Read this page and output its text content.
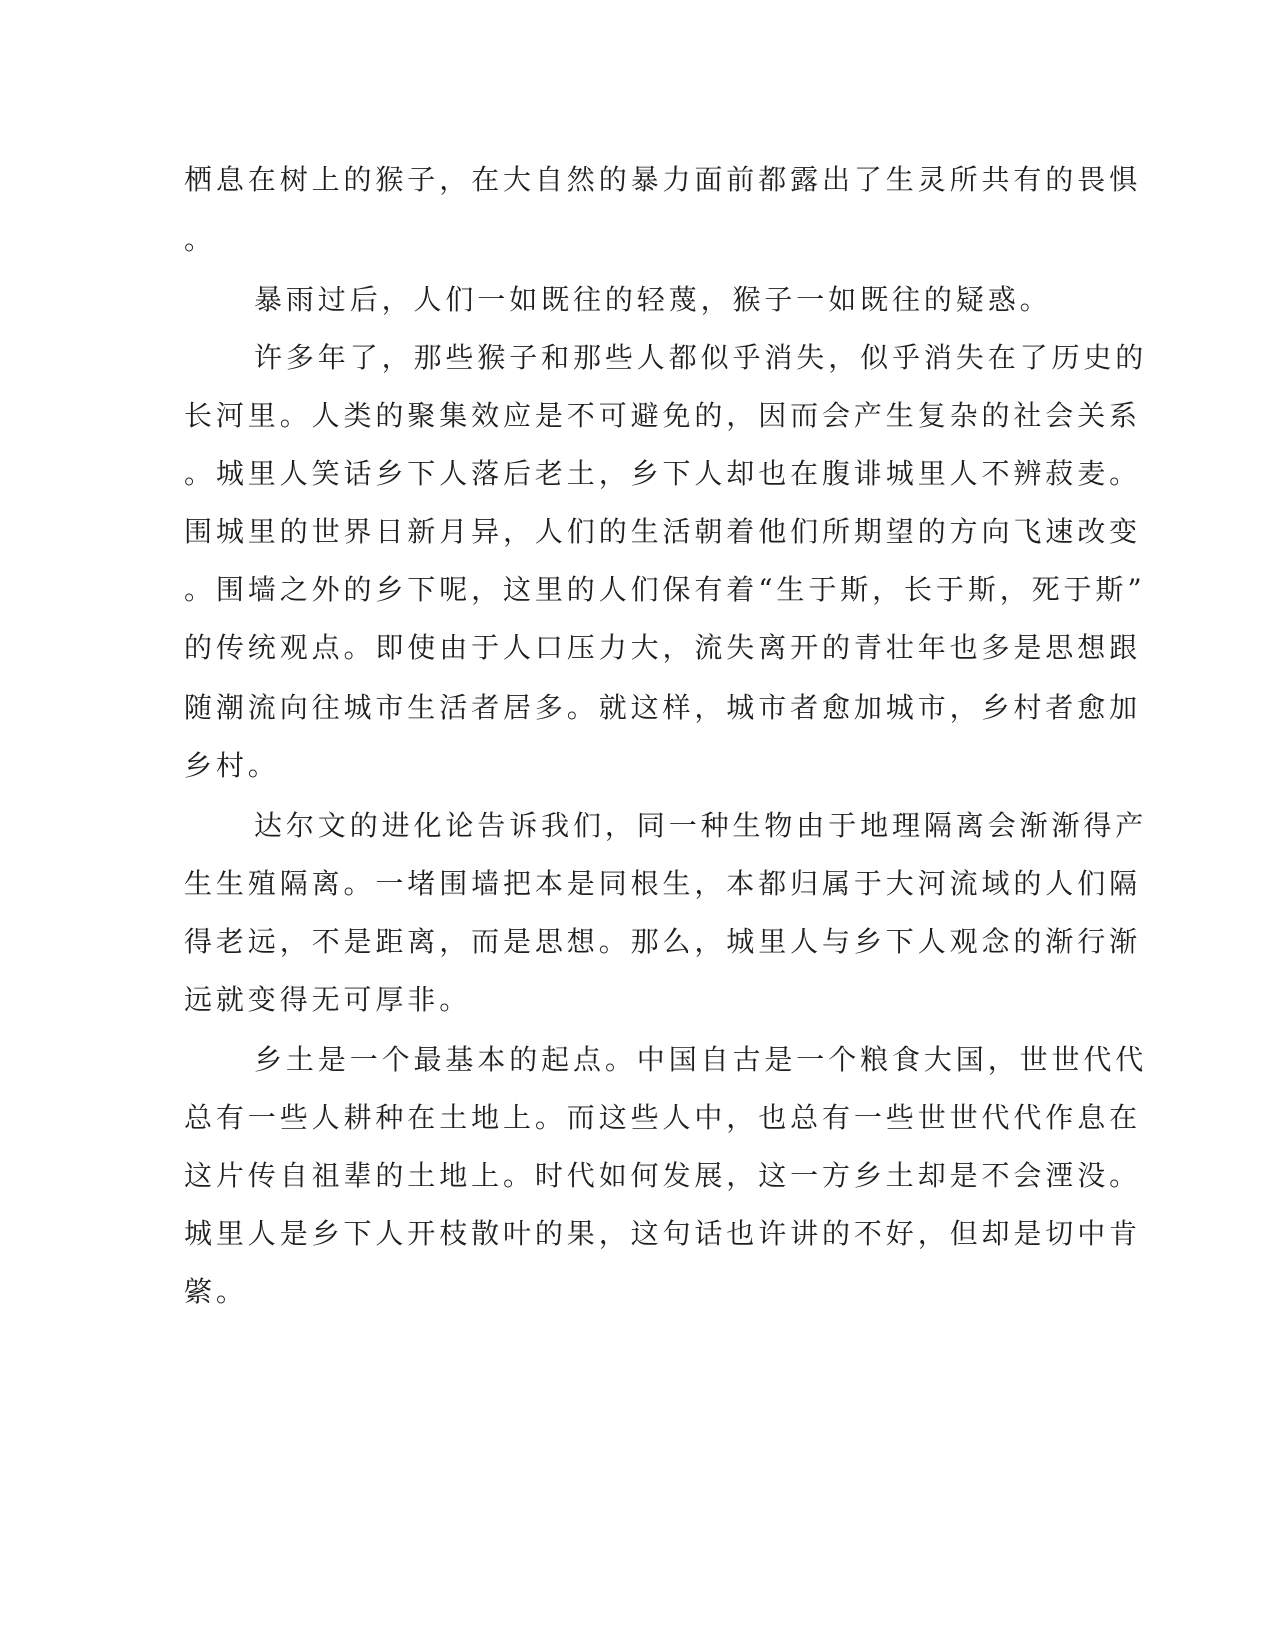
栖息在树上的猴子，在大自然的暴力面前都露出了生灵所共有的畏惧

。

暴雨过后，人们一如既往的轻蔑，猴子一如既往的疑惑。

许多年了，那些猴子和那些人都似乎消失，似乎消失在了历史的

长河里。人类的聚集效应是不可避免的，因而会产生复杂的社会关系

。城里人笑话乡下人落后老土，乡下人却也在腹诽城里人不辨菽麦。

围城里的世界日新月异，人们的生活朝着他们所期望的方向飞速改变

。围墙之外的乡下呢，这里的人们保有着“生于斯，长于斯，死于斯”

的传统观点。即使由于人口压力大，流失离开的青壮年也多是思想跟

随潮流向往城市生活者居多。就这样，城市者愈加城市，乡村者愈加

乡村。

达尔文的进化论告诉我们，同一种生物由于地理隔离会渐渐得产

生生殖隔离。一堵围墙把本是同根生，本都归属于大河流域的人们隔

得老远，不是距离，而是思想。那么，城里人与乡下人观念的渐行渐

远就变得无可厚非。

乡土是一个最基本的起点。中国自古是一个粮食大国，世世代代

总有一些人耕种在土地上。而这些人中，也总有一些世世代代作息在

这片传自祖辈的土地上。时代如何发展，这一方乡土却是不会湮没。

城里人是乡下人开枝散叶的果，这句话也许讲的不好，但却是切中肯

綮。
